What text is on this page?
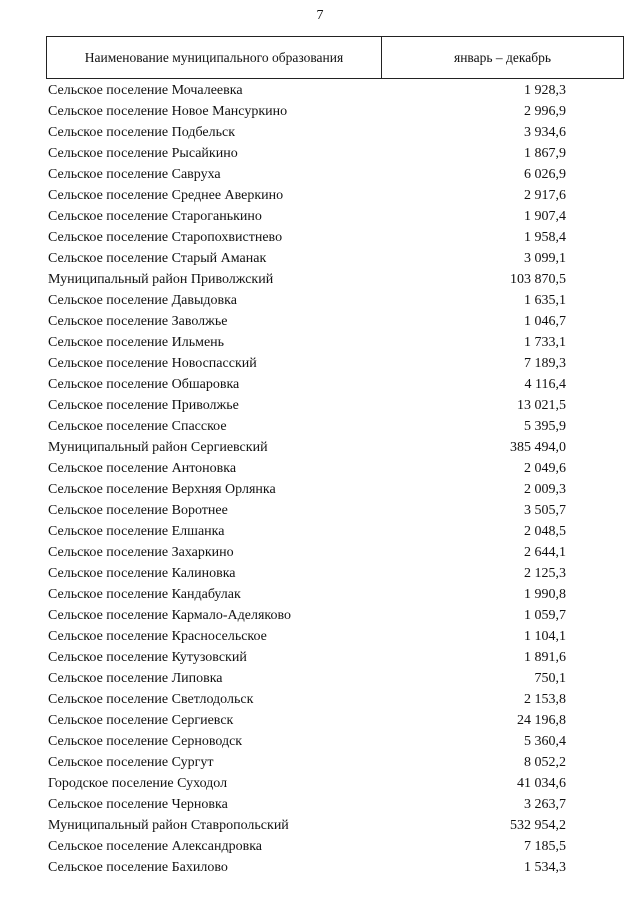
7
Наименование муниципального образования	январь – декабрь
Сельское поселение Мочалеевка	1 928,3
Сельское поселение Новое Мансуркино	2 996,9
Сельское поселение Подбельск	3 934,6
Сельское поселение Рысайкино	1 867,9
Сельское поселение Савруха	6 026,9
Сельское поселение Среднее Аверкино	2 917,6
Сельское поселение Староганькино	1 907,4
Сельское поселение Старопохвистнево	1 958,4
Сельское поселение Старый Аманак	3 099,1
Муниципальный район Приволжский	103 870,5
Сельское поселение Давыдовка	1 635,1
Сельское поселение Заволжье	1 046,7
Сельское поселение Ильмень	1 733,1
Сельское поселение Новоспасский	7 189,3
Сельское поселение Обшаровка	4 116,4
Сельское поселение Приволжье	13 021,5
Сельское поселение Спасское	5 395,9
Муниципальный район Сергиевский	385 494,0
Сельское поселение Антоновка	2 049,6
Сельское поселение Верхняя Орлянка	2 009,3
Сельское поселение Воротнее	3 505,7
Сельское поселение Елшанка	2 048,5
Сельское поселение Захаркино	2 644,1
Сельское поселение Калиновка	2 125,3
Сельское поселение Кандабулак	1 990,8
Сельское поселение Кармало-Аделяково	1 059,7
Сельское поселение Красносельское	1 104,1
Сельское поселение Кутузовский	1 891,6
Сельское поселение Липовка	750,1
Сельское поселение Светлодольск	2 153,8
Сельское поселение Сергиевск	24 196,8
Сельское поселение Серноводск	5 360,4
Сельское поселение Сургут	8 052,2
Городское поселение Суходол	41 034,6
Сельское поселение Черновка	3 263,7
Муниципальный район Ставропольский	532 954,2
Сельское поселение Александровка	7 185,5
Сельское поселение Бахилово	1 534,3
